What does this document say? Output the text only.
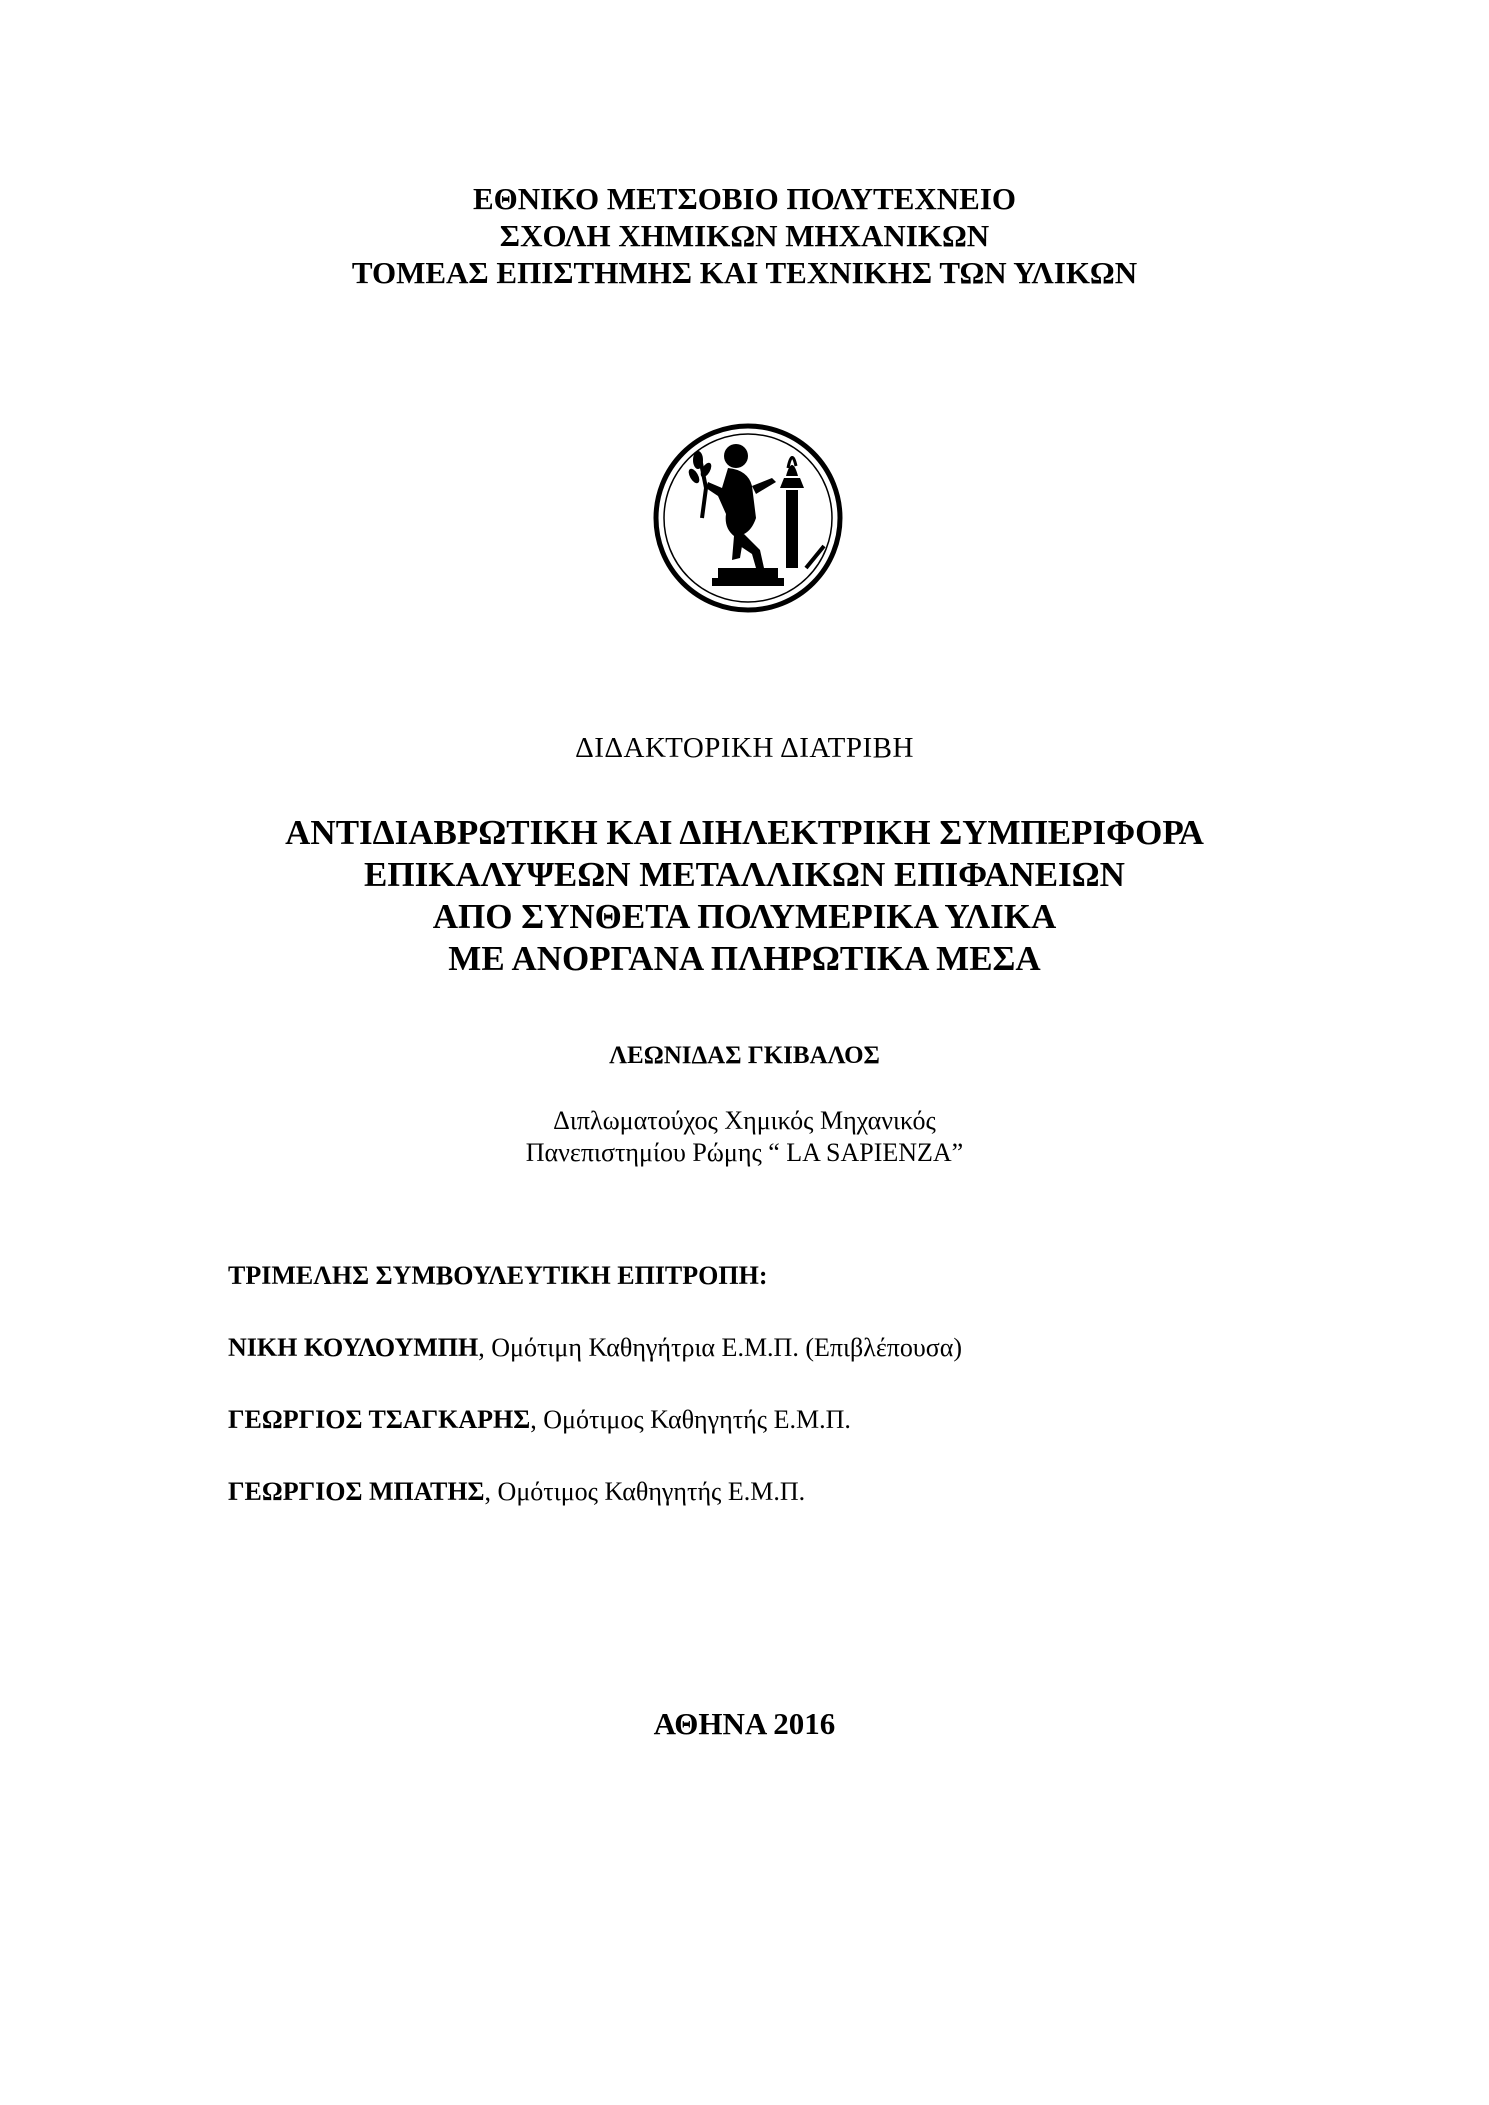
ΕΘΝΙΚΟ ΜΕΤΣΟΒΙΟ ΠΟΛΥΤΕΧΝΕΙΟ
ΣΧΟΛΗ ΧΗΜΙΚΩΝ ΜΗΧΑΝΙΚΩΝ
ΤΟΜΕΑΣ ΕΠΙΣΤΗΜΗΣ ΚΑΙ ΤΕΧΝΙΚΗΣ ΤΩΝ ΥΛΙΚΩΝ
ΔΙΔΑΚΤΟΡΙΚΗ ΔΙΑΤΡΙΒΗ
ΑΝΤΙΔΙΑΒΡΩΤΙΚΗ ΚΑΙ ΔΙΗΛΕΚΤΡΙΚΗ ΣΥΜΠΕΡΙΦΟΡΑ
ΕΠΙΚΑΛΥΨΕΩΝ ΜΕΤΑΛΛΙΚΩΝ ΕΠΙΦΑΝΕΙΩΝ
ΑΠΟ ΣΥΝΘΕΤΑ ΠΟΛΥΜΕΡΙΚΑ ΥΛΙΚΑ
ΜΕ ΑΝΟΡΓΑΝΑ ΠΛΗΡΩΤΙΚΑ ΜΕΣΑ
ΛΕΩΝΙΔΑΣ ΓΚΙΒΑΛΟΣ
Διπλωματούχος Χημικός Μηχανικός
Πανεπιστημίου Ρώμης “ LA SAPIENZA”
ΤΡΙΜΕΛΗΣ ΣΥΜΒΟΥΛΕΥΤΙΚΗ ΕΠΙΤΡΟΠΗ:
ΝΙΚΗ ΚΟΥΛΟΥΜΠΗ, Ομότιμη Καθηγήτρια Ε.Μ.Π. (Επιβλέπουσα)
ΓΕΩΡΓΙΟΣ ΤΣΑΓΚΑΡΗΣ, Ομότιμος Καθηγητής Ε.Μ.Π.
ΓΕΩΡΓΙΟΣ ΜΠΑΤΗΣ, Ομότιμος Καθηγητής Ε.Μ.Π.
ΑΘΗΝΑ 2016
